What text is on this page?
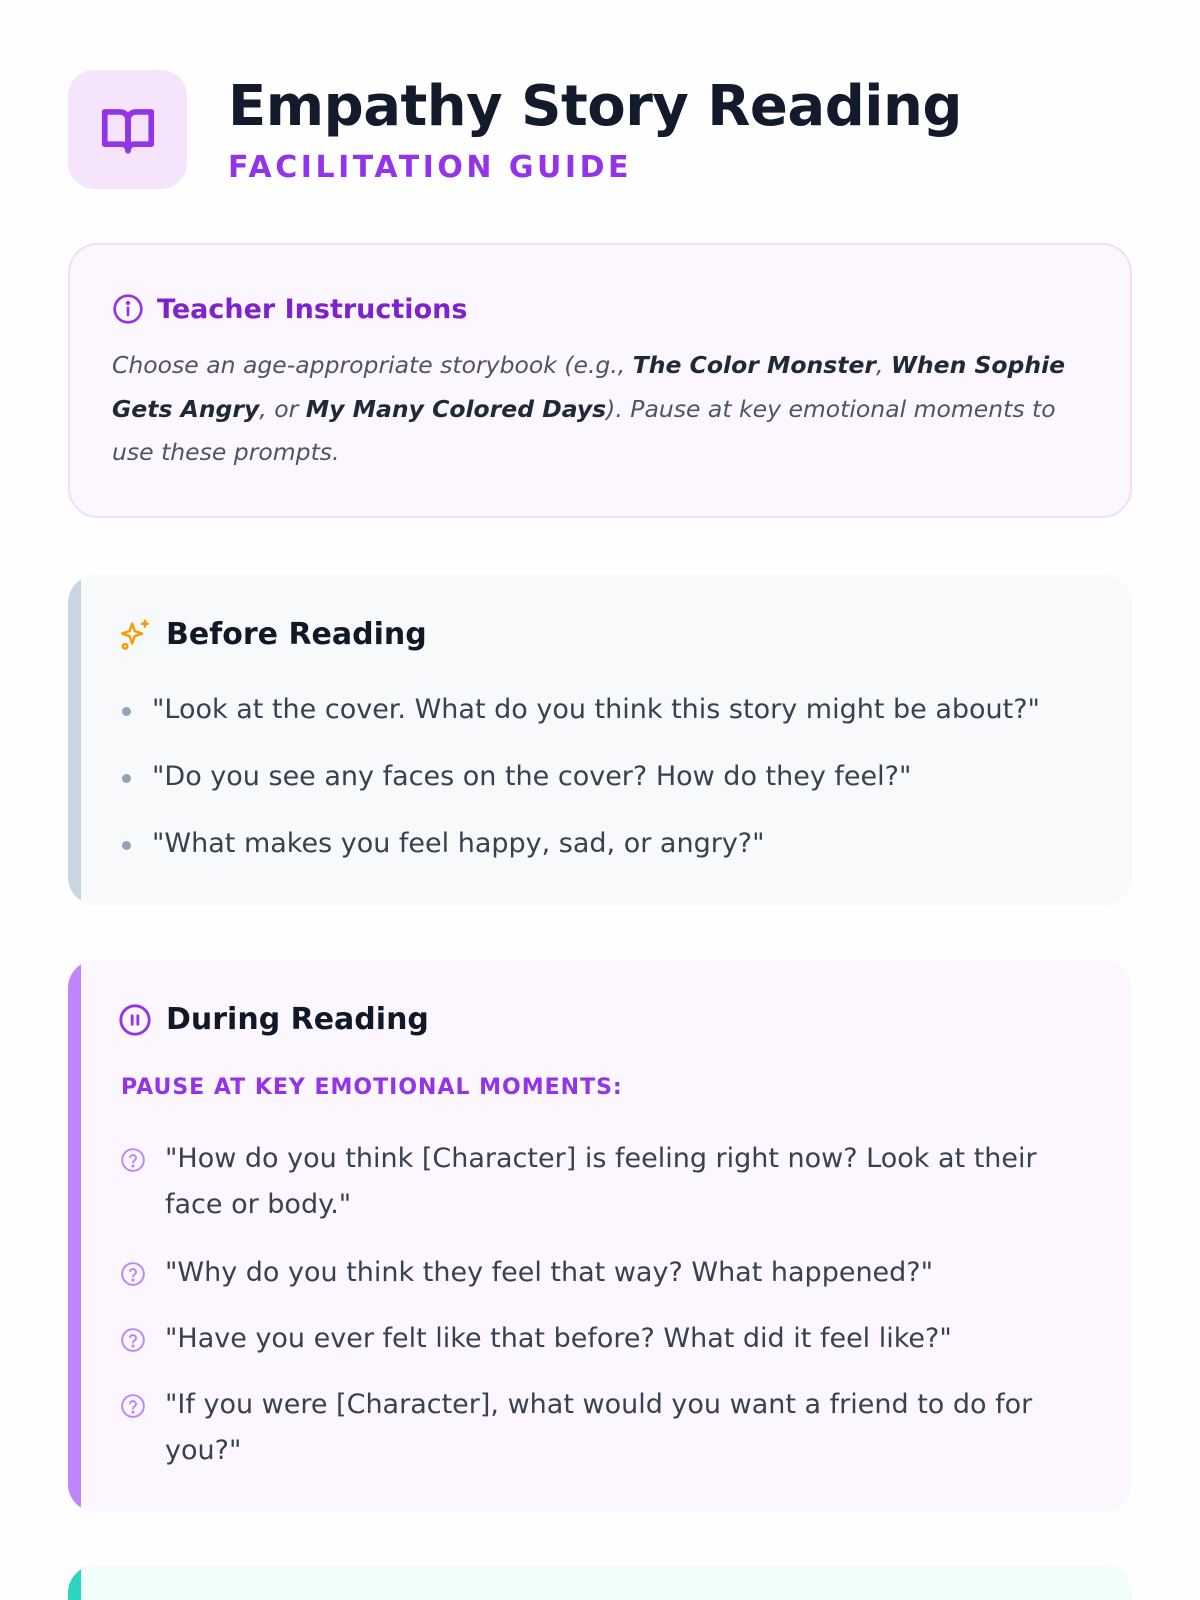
Empathy Story Reading
FACILITATION GUIDE
Teacher Instructions

Choose an age-appropriate storybook (e.g., The Color Monster, When Sophie Gets Angry, or My Many Colored Days). Pause at key emotional moments to use these prompts.

Before Reading
"Look at the cover. What do you think this story might be about?"
"Do you see any faces on the cover? How do they feel?"
"What makes you feel happy, sad, or angry?"
During Reading
PAUSE AT KEY EMOTIONAL MOMENTS:
"How do you think [Character] is feeling right now? Look at their face or body."
"Why do you think they feel that way? What happened?"
"Have you ever felt like that before? What did it feel like?"
"If you were [Character], what would you want a friend to do for you?"
